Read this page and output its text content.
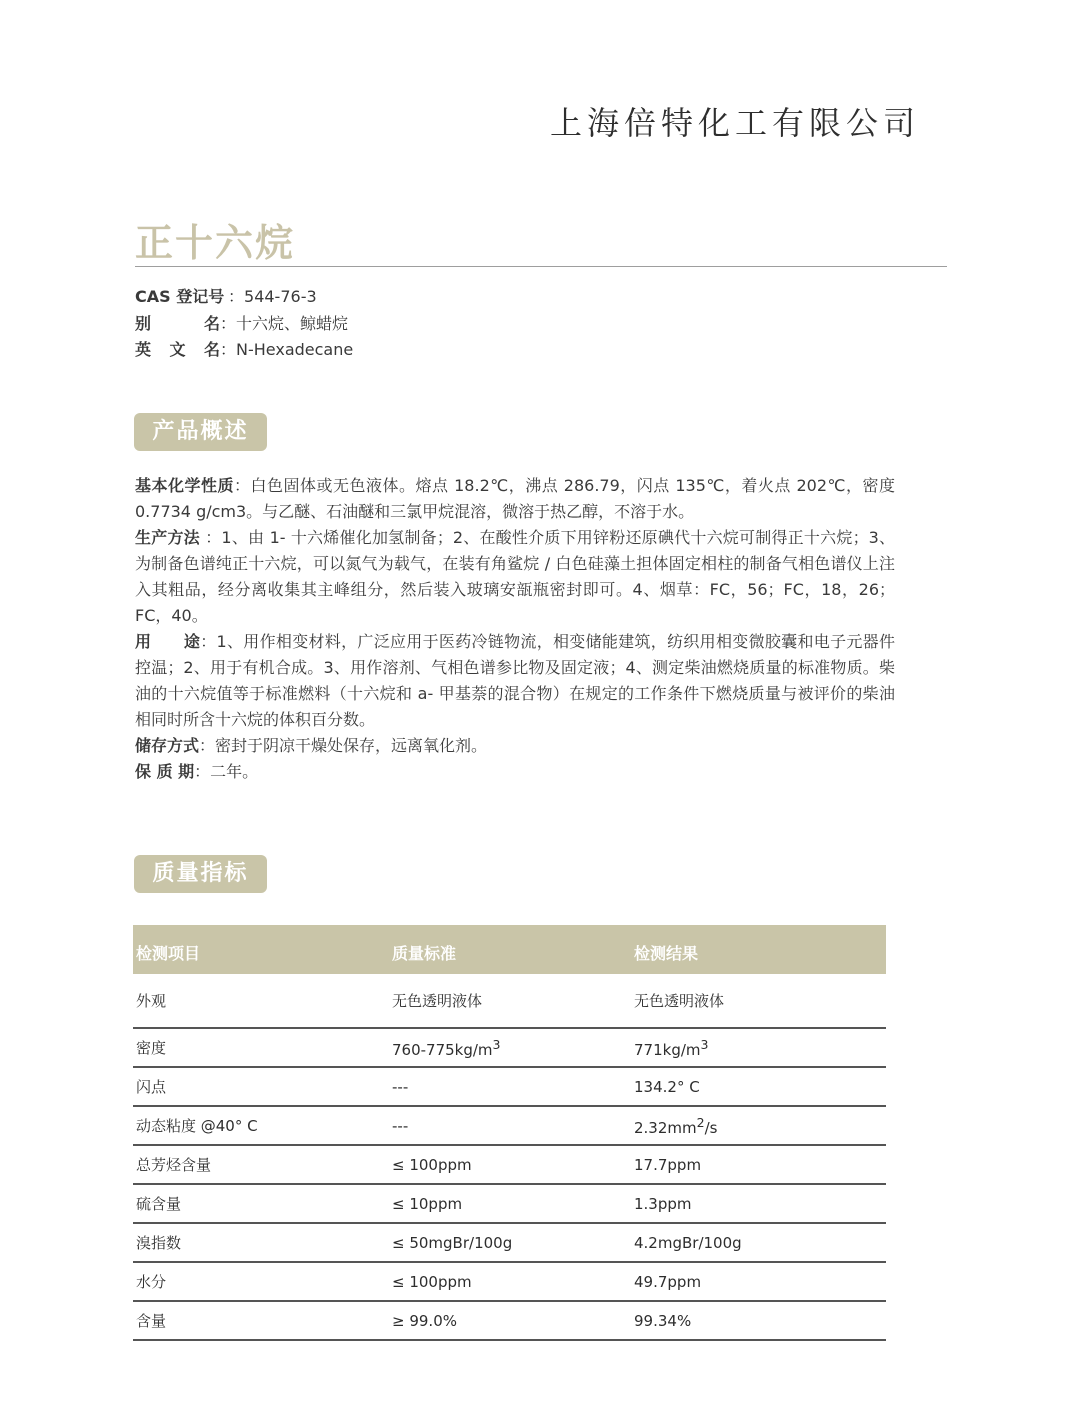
上海倍特化工有限公司
正十六烷
CAS 登记号 ：544-76-3
别　　名：十六烷、鲸蜡烷
英 文 名：N-Hexadecane
产品概述

基本化学性质：白色固体或无色液体。熔点 18.2℃，沸点 286.79，闪点 135℃，着火点 202℃，密度 0.7734 g/cm3。与乙醚、石油醚和三氯甲烷混溶，微溶于热乙醇，不溶于水。

生产方法 ：1、由 1- 十六烯催化加氢制备；2、在酸性介质下用锌粉还原碘代十六烷可制得正十六烷；3、为制备色谱纯正十六烷，可以氮气为载气，在装有角鲨烷 / 白色硅藻土担体固定相柱的制备气相色谱仪上注入其粗品，经分离收集其主峰组分，然后装入玻璃安瓿瓶密封即可。4、烟草：FC，56；FC，18，26；FC，40。

用　　途：1、用作相变材料，广泛应用于医药冷链物流，相变储能建筑，纺织用相变微胶囊和电子元器件控温；2、用于有机合成。3、用作溶剂、气相色谱参比物及固定液；4、测定柴油燃烧质量的标准物质。柴油的十六烷值等于标准燃料（十六烷和 a- 甲基萘的混合物）在规定的工作条件下燃烧质量与被评价的柴油相同时所含十六烷的体积百分数。

储存方式：密封于阴凉干燥处保存，远离氧化剂。

保 质 期：二年。

质量指标
检测项目	质量标准	检测结果
外观	无色透明液体	无色透明液体
密度	$760-775kg/m^3$	$771kg/m^3$
闪点	---	134.2° C
动态粘度 @40° C	---	$2.32mm^2/s$
总芳烃含量	≤ 100ppm	17.7ppm
硫含量	≤ 10ppm	1.3ppm
溴指数	≤ 50mgBr/100g	4.2mgBr/100g
水分	≤ 100ppm	49.7ppm
含量	≥ 99.0%	99.34%
